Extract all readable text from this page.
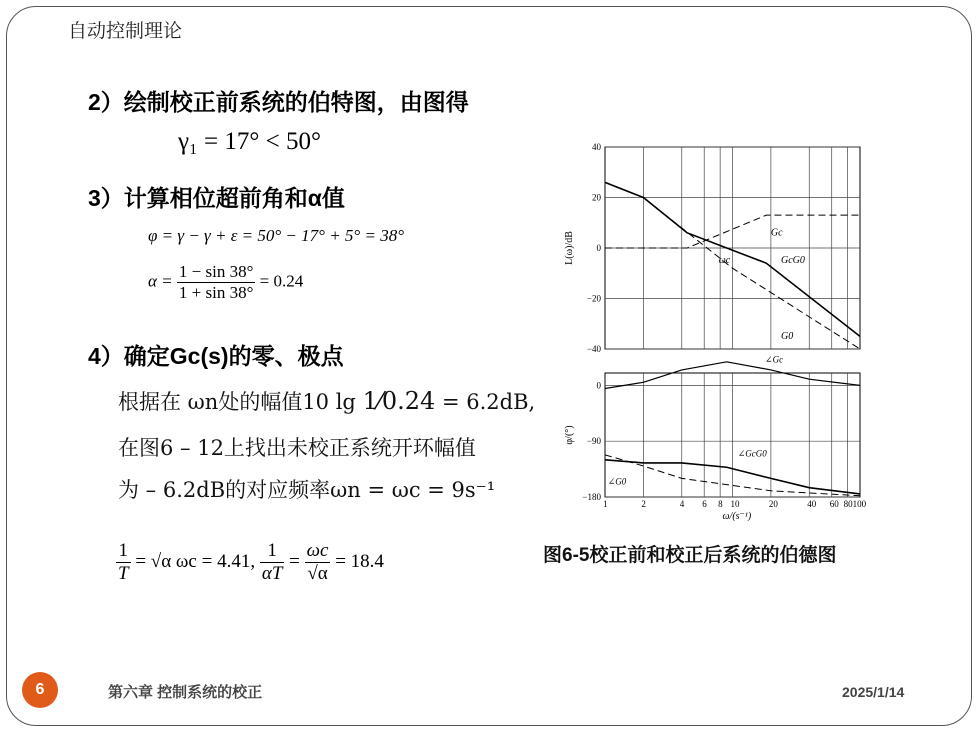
自动控制理论
2）绘制校正前系统的伯特图，由图得
γ₁ = 17° < 50°
3）计算相位超前角和α值
φ = γ − γ + ε = 50° − 17° + 5° = 38°
$\alpha = \frac{1 - \sin 38^\circ}{1 + \sin 38^\circ} = 0.24$
4）确定Gc(s)的零、极点
根据在 ωn处的幅值10 lg 1⁄0.24 = 6.2dB,
在图6 – 12上找出未校正系统开环幅值
为 – 6.2dB的对应频率ωn = ωc = 9s⁻¹
$\frac{1}{T} = √\alpha$ ωc = 4.41, $\frac{1}{\alpha T} = \frac{\omega c}{√\alpha} = 18.4$
40
20
0
−20
−40
L(ω)/dB	Gc
GcG0
G0
ωc
0
−90
−180
1	2	4 6 8 10	20	40 60 80100
ω/(s⁻¹)
φ/(°)
∠Gc
∠GcG0
∠G0
图6-5校正前和校正后系统的伯德图
6	第六章 控制系统的校正	2025/1/14
